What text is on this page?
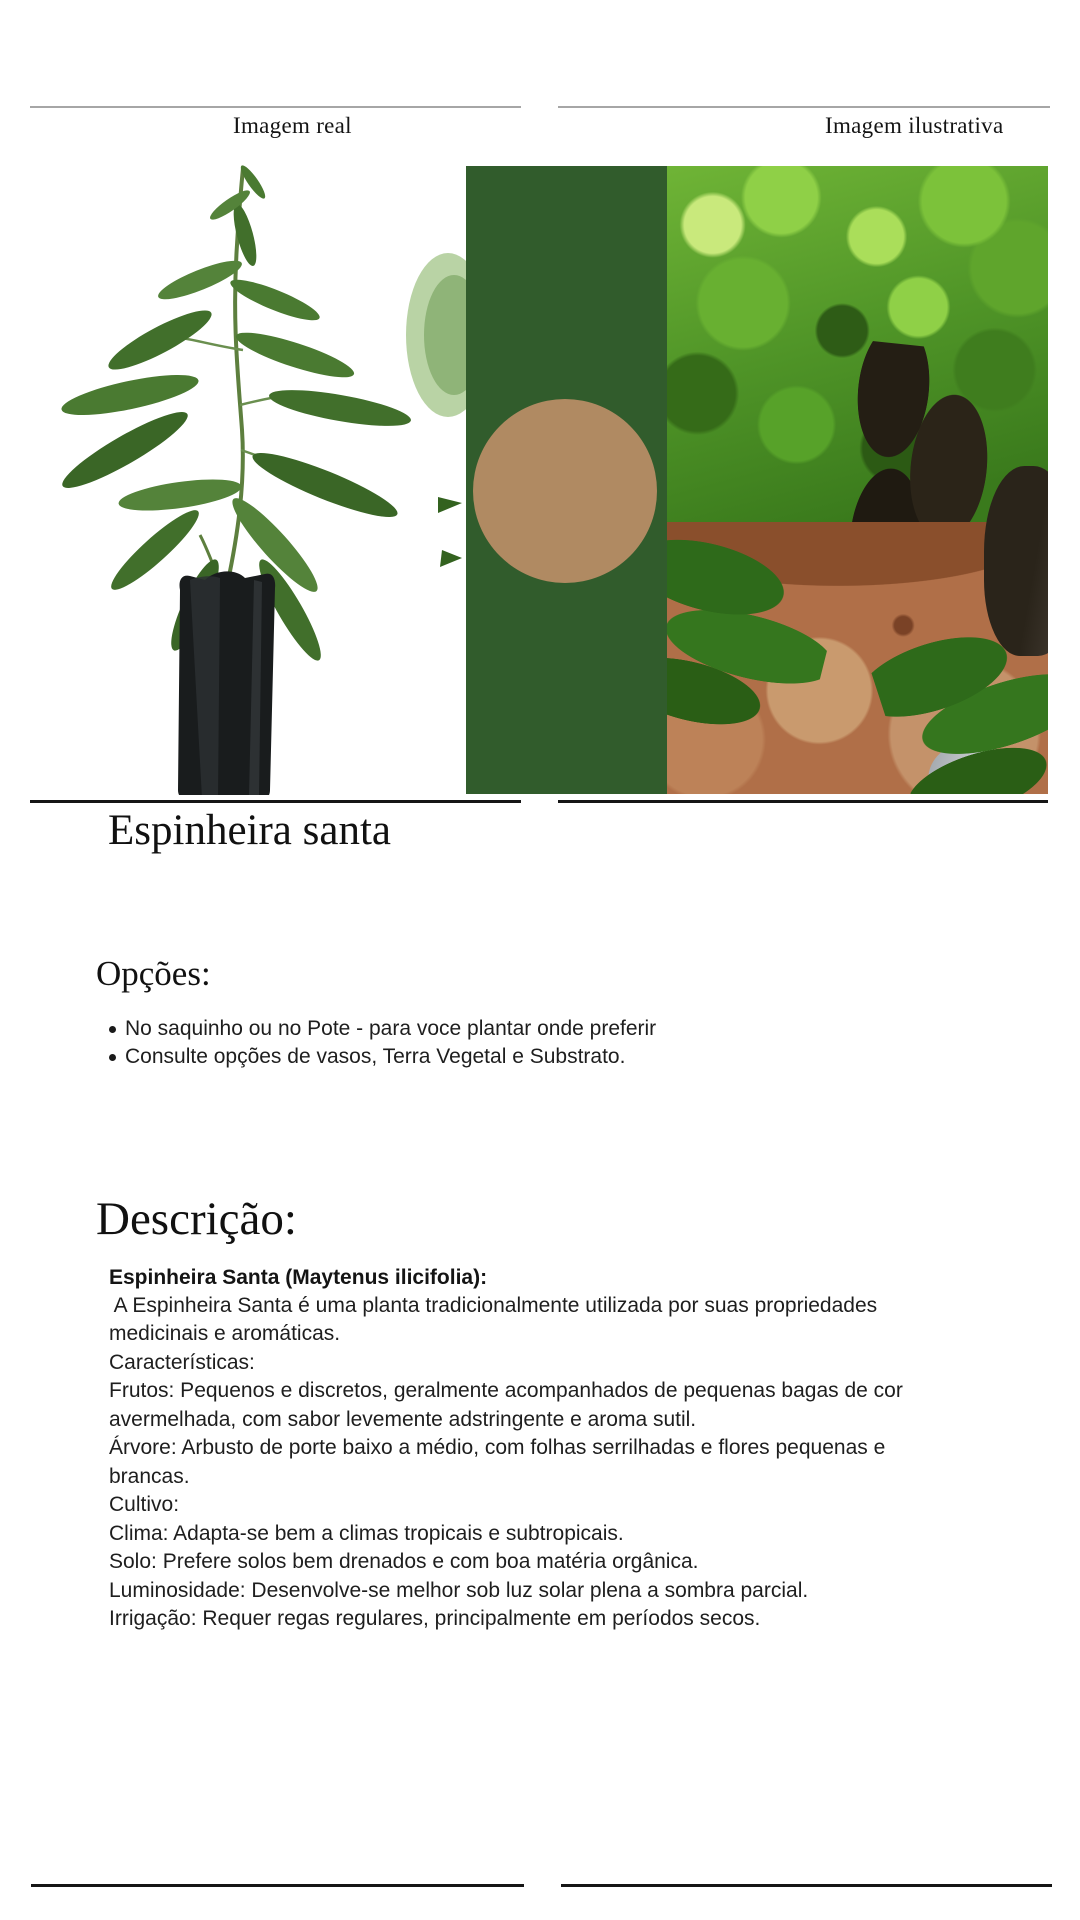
Imagem real	Imagem ilustrativa
Espinheira santa
Opções:
No saquinho ou no Pote - para voce plantar onde preferir
Consulte opções de vasos, Terra Vegetal e Substrato.
Descrição:
Espinheira Santa (Maytenus ilicifolia):
A Espinheira Santa é uma planta tradicionalmente utilizada por suas propriedades
medicinais e aromáticas.
Características:
Frutos: Pequenos e discretos, geralmente acompanhados de pequenas bagas de cor
avermelhada, com sabor levemente adstringente e aroma sutil.
Árvore: Arbusto de porte baixo a médio, com folhas serrilhadas e flores pequenas e
brancas.
Cultivo:
Clima: Adapta-se bem a climas tropicais e subtropicais.
Solo: Prefere solos bem drenados e com boa matéria orgânica.
Luminosidade: Desenvolve-se melhor sob luz solar plena a sombra parcial.
Irrigação: Requer regas regulares, principalmente em períodos secos.
